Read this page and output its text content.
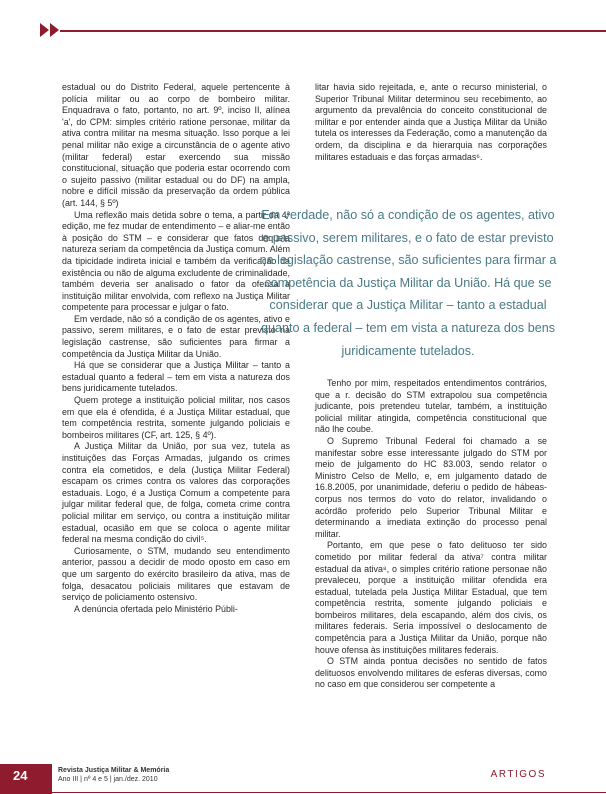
estadual ou do Distrito Federal, aquele pertencente à polícia militar ou ao corpo de bombeiro militar. Enquadrava o fato, portanto, no art. 9º, inciso II, alínea 'a', do CPM: simples critério ratione personae, militar da ativa contra militar na mesma situação. Isso porque a lei penal militar não exige a circunstância de o agente ativo (militar federal) estar exercendo sua missão constitucional, situação que poderia estar ocorrendo com o sujeito passivo (militar estadual ou do DF) na ampla, nobre e difícil missão da preservação da ordem pública (art. 144, § 5º)

Uma reflexão mais detida sobre o tema, a partir da 4ª edição, me fez mudar de entendimento – e aliar-me então à posição do STM – e considerar que fatos daquela natureza seriam da competência da Justiça comum. Além da tipicidade indireta inicial e também da verificação da existência ou não de alguma excludente de criminalidade, também deveria ser analisado o fator da ofensa à instituição militar envolvida, com reflexo na Justiça Militar competente para processar e julgar o fato.

Em verdade, não só a condição de os agentes, ativo e passivo, serem militares, e o fato de estar previsto na legislação castrense, são suficientes para firmar a competência da Justiça Militar da União.

Há que se considerar que a Justiça Militar – tanto a estadual quanto a federal – tem em vista a natureza dos bens juridicamente tutelados.

Quem protege a instituição policial militar, nos casos em que ela é ofendida, é a Justiça Militar estadual, que tem competência restrita, somente julgando policiais e bombeiros militares (CF, art. 125, § 4º).

A Justiça Militar da União, por sua vez, tutela as instituições das Forças Armadas, julgando os crimes contra ela cometidos, e dela (Justiça Militar Federal) escapam os crimes contra os valores das corporações estaduais. Logo, é a Justiça Comum a competente para julgar militar federal que, de folga, cometa crime contra policial militar em serviço, ou contra a instituição militar estadual, ocasião em que se coloca o agente militar federal na mesma condição do civil⁵.

Curiosamente, o STM, mudando seu entendimento anterior, passou a decidir de modo oposto em caso em que um sargento do exército brasileiro da ativa, mas de folga, desacatou policiais militares que estavam de serviço de policiamento ostensivo.

A denúncia ofertada pelo Ministério Públi-

litar havia sido rejeitada, e, ante o recurso ministerial, o Superior Tribunal Militar determinou seu recebimento, ao argumento da prevalência do conceito constitucional de militar e por entender ainda que a Justiça Militar da União tutela os interesses da Federação, como a manutenção da ordem, da disciplina e da hierarquia nas corporações militares estaduais e das forças armadas⁶.

Em verdade, não só a condição de os agentes, ativo e passivo, serem militares, e o fato de estar previsto na legislação castrense, são suficientes para firmar a competência da Justiça Militar da União. Há que se considerar que a Justiça Militar – tanto a estadual quanto a federal – tem em vista a natureza dos bens juridicamente tutelados.

Tenho por mim, respeitados entendimentos contrários, que a r. decisão do STM extrapolou sua competência judicante, pois pretendeu tutelar, também, a instituição policial militar atingida, competência constitucional que não lhe coube.

O Supremo Tribunal Federal foi chamado a se manifestar sobre esse interessante julgado do STM por meio de julgamento do HC 83.003, sendo relator o Ministro Celso de Mello, e, em julgamento datado de 16.8.2005, por unanimidade, deferiu o pedido de hábeas-corpus nos termos do voto do relator, invalidando o acórdão proferido pelo Superior Tribunal Militar e determinando a imediata extinção do processo penal militar.

Portanto, em que pese o fato delituoso ter sido cometido por militar federal da ativa⁷ contra militar estadual da ativa⁸, o simples critério ratione personae não prevaleceu, porque a instituição militar ofendida era estadual, tutelada pela Justiça Militar Estadual, que tem competência restrita, somente julgando policiais e bombeiros militares, dela escapando, além dos civis, os militares federais. Seria impossível o deslocamento de competência para a Justiça Militar da União, porque não houve ofensa às instituições militares federais.

O STM ainda pontua decisões no sentido de fatos delituosos envolvendo militares de esferas diversas, como no caso em que considerou ser competente a

24	Revista Justiça Militar & Memória
Ano III | nº 4 e 5 | jan./dez. 2010	ARTIGOS
